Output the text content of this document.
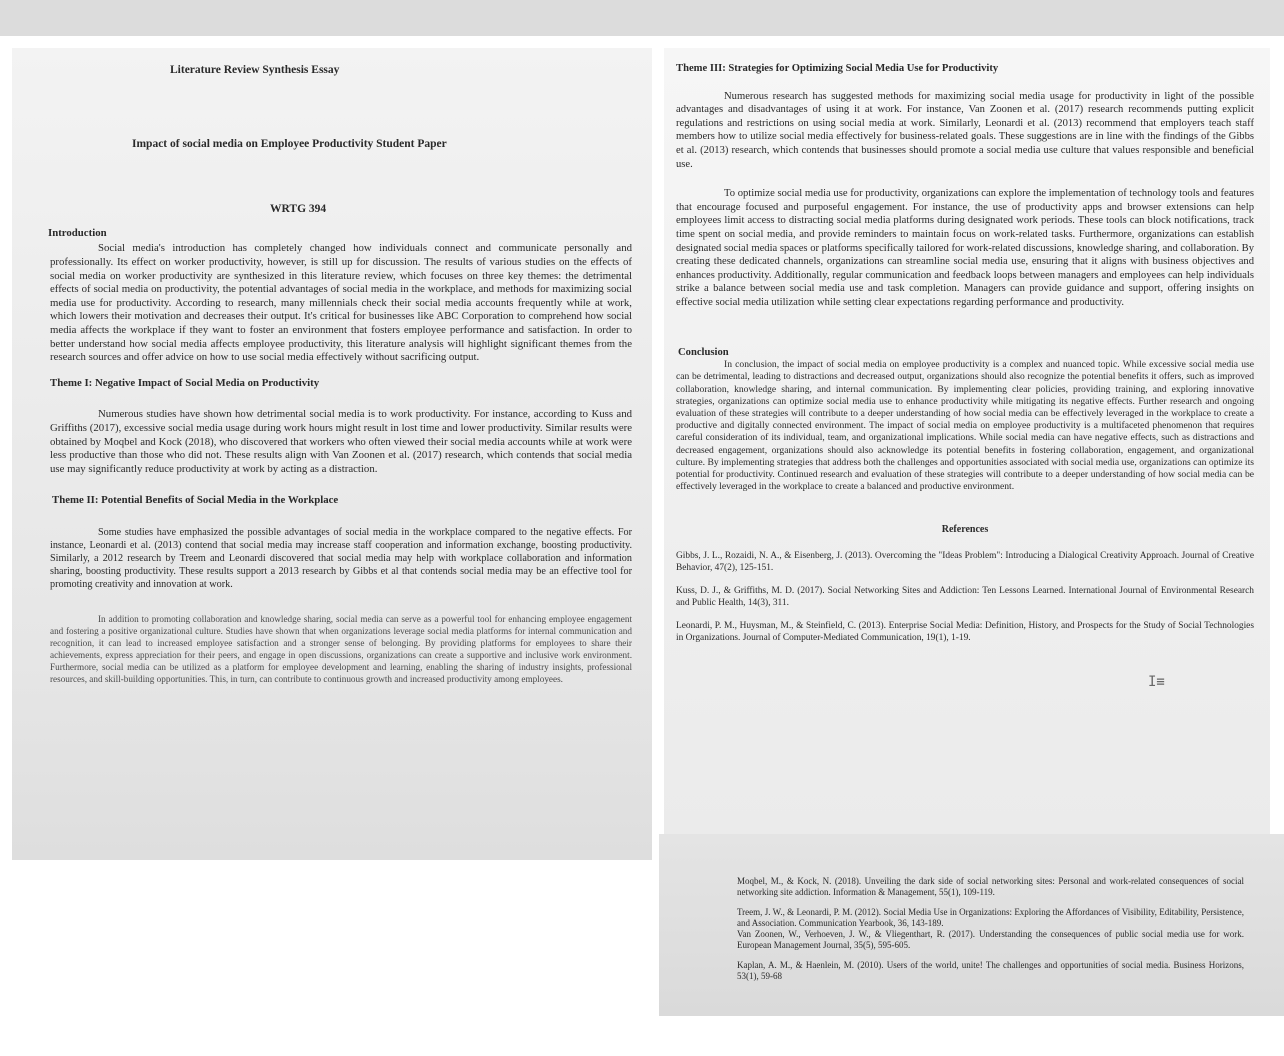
Literature Review Synthesis Essay
Impact of social media on Employee Productivity Student Paper
WRTG 394
Introduction

Social media's introduction has completely changed how individuals connect and communicate personally and professionally. Its effect on worker productivity, however, is still up for discussion. The results of various studies on the effects of social media on worker productivity are synthesized in this literature review, which focuses on three key themes: the detrimental effects of social media on productivity, the potential advantages of social media in the workplace, and methods for maximizing social media use for productivity. According to research, many millennials check their social media accounts frequently while at work, which lowers their motivation and decreases their output. It's critical for businesses like ABC Corporation to comprehend how social media affects the workplace if they want to foster an environment that fosters employee performance and satisfaction. In order to better understand how social media affects employee productivity, this literature analysis will highlight significant themes from the research sources and offer advice on how to use social media effectively without sacrificing output.

Theme I: Negative Impact of Social Media on Productivity

Numerous studies have shown how detrimental social media is to work productivity. For instance, according to Kuss and Griffiths (2017), excessive social media usage during work hours might result in lost time and lower productivity. Similar results were obtained by Moqbel and Kock (2018), who discovered that workers who often viewed their social media accounts while at work were less productive than those who did not. These results align with Van Zoonen et al. (2017) research, which contends that social media use may significantly reduce productivity at work by acting as a distraction.

Theme II: Potential Benefits of Social Media in the Workplace

Some studies have emphasized the possible advantages of social media in the workplace compared to the negative effects. For instance, Leonardi et al. (2013) contend that social media may increase staff cooperation and information exchange, boosting productivity. Similarly, a 2012 research by Treem and Leonardi discovered that social media may help with workplace collaboration and information sharing, boosting productivity. These results support a 2013 research by Gibbs et al that contends social media may be an effective tool for promoting creativity and innovation at work.

In addition to promoting collaboration and knowledge sharing, social media can serve as a powerful tool for enhancing employee engagement and fostering a positive organizational culture. Studies have shown that when organizations leverage social media platforms for internal communication and recognition, it can lead to increased employee satisfaction and a stronger sense of belonging. By providing platforms for employees to share their achievements, express appreciation for their peers, and engage in open discussions, organizations can create a supportive and inclusive work environment. Furthermore, social media can be utilized as a platform for employee development and learning, enabling the sharing of industry insights, professional resources, and skill-building opportunities. This, in turn, can contribute to continuous growth and increased productivity among employees.

Theme III: Strategies for Optimizing Social Media Use for Productivity

Numerous research has suggested methods for maximizing social media usage for productivity in light of the possible advantages and disadvantages of using it at work. For instance, Van Zoonen et al. (2017) research recommends putting explicit regulations and restrictions on using social media at work. Similarly, Leonardi et al. (2013) recommend that employers teach staff members how to utilize social media effectively for business-related goals. These suggestions are in line with the findings of the Gibbs et al. (2013) research, which contends that businesses should promote a social media use culture that values responsible and beneficial use.

To optimize social media use for productivity, organizations can explore the implementation of technology tools and features that encourage focused and purposeful engagement. For instance, the use of productivity apps and browser extensions can help employees limit access to distracting social media platforms during designated work periods. These tools can block notifications, track time spent on social media, and provide reminders to maintain focus on work-related tasks. Furthermore, organizations can establish designated social media spaces or platforms specifically tailored for work-related discussions, knowledge sharing, and collaboration. By creating these dedicated channels, organizations can streamline social media use, ensuring that it aligns with business objectives and enhances productivity. Additionally, regular communication and feedback loops between managers and employees can help individuals strike a balance between social media use and task completion. Managers can provide guidance and support, offering insights on effective social media utilization while setting clear expectations regarding performance and productivity.

Conclusion

In conclusion, the impact of social media on employee productivity is a complex and nuanced topic. While excessive social media use can be detrimental, leading to distractions and decreased output, organizations should also recognize the potential benefits it offers, such as improved collaboration, knowledge sharing, and internal communication. By implementing clear policies, providing training, and exploring innovative strategies, organizations can optimize social media use to enhance productivity while mitigating its negative effects. Further research and ongoing evaluation of these strategies will contribute to a deeper understanding of how social media can be effectively leveraged in the workplace to create a productive and digitally connected environment. The impact of social media on employee productivity is a multifaceted phenomenon that requires careful consideration of its individual, team, and organizational implications. While social media can have negative effects, such as distractions and decreased engagement, organizations should also acknowledge its potential benefits in fostering collaboration, engagement, and organizational culture. By implementing strategies that address both the challenges and opportunities associated with social media use, organizations can optimize its potential for productivity. Continued research and evaluation of these strategies will contribute to a deeper understanding of how social media can be effectively leveraged in the workplace to create a balanced and productive environment.

I≡
References

Gibbs, J. L., Rozaidi, N. A., & Eisenberg, J. (2013). Overcoming the "Ideas Problem": Introducing a Dialogical Creativity Approach. Journal of Creative Behavior, 47(2), 125-151.

Kuss, D. J., & Griffiths, M. D. (2017). Social Networking Sites and Addiction: Ten Lessons Learned. International Journal of Environmental Research and Public Health, 14(3), 311.

Leonardi, P. M., Huysman, M., & Steinfield, C. (2013). Enterprise Social Media: Definition, History, and Prospects for the Study of Social Technologies in Organizations. Journal of Computer-Mediated Communication, 19(1), 1-19.

Moqbel, M., & Kock, N. (2018). Unveiling the dark side of social networking sites: Personal and work-related consequences of social networking site addiction. Information & Management, 55(1), 109-119.

Treem, J. W., & Leonardi, P. M. (2012). Social Media Use in Organizations: Exploring the Affordances of Visibility, Editability, Persistence, and Association. Communication Yearbook, 36, 143-189.

Van Zoonen, W., Verhoeven, J. W., & Vliegenthart, R. (2017). Understanding the consequences of public social media use for work. European Management Journal, 35(5), 595-605.

Kaplan, A. M., & Haenlein, M. (2010). Users of the world, unite! The challenges and opportunities of social media. Business Horizons, 53(1), 59-68
